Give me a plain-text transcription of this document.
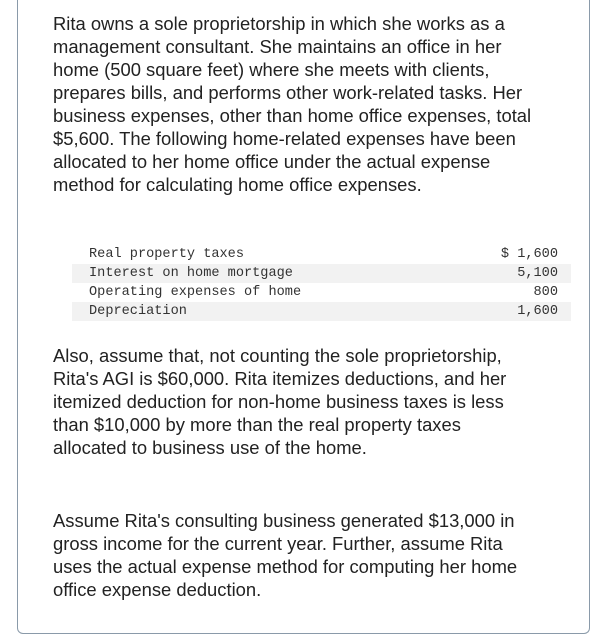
Rita owns a sole proprietorship in which she works as a management consultant. She maintains an office in her home (500 square feet) where she meets with clients, prepares bills, and performs other work-related tasks. Her business expenses, other than home office expenses, total $5,600. The following home-related expenses have been allocated to her home office under the actual expense method for calculating home office expenses.

Real property taxes	$ 1,600
Interest on home mortgage	5,100
Operating expenses of home	800
Depreciation	1,600

Also, assume that, not counting the sole proprietorship, Rita's AGI is $60,000. Rita itemizes deductions, and her itemized deduction for non-home business taxes is less than $10,000 by more than the real property taxes allocated to business use of the home.

Assume Rita's consulting business generated $13,000 in gross income for the current year. Further, assume Rita uses the actual expense method for computing her home office expense deduction.
